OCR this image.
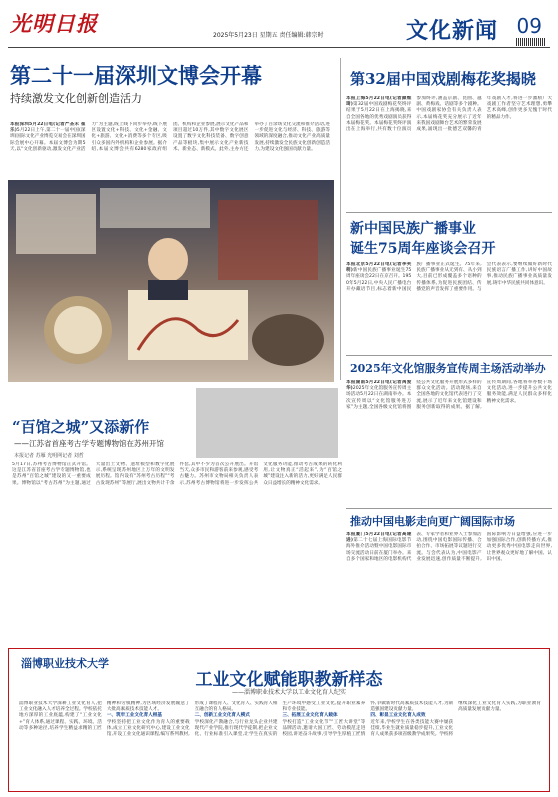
光明日报	2025年5月23日 星期五 责任编辑:韩宗时	文化新闻 09
第二十一届深圳文博会开幕
持续激发文化创新创造活力
本报深圳5月22日电(记者严圣禾 崔乐)5月22日上午,第二十一届中国(深圳)国际文化产业博览交易会在深圳国际会展中心开幕。本届文博会为期5天,以“文化创新驱动,激发文化产业活力”为主题,线上线下同步举办,线下展区设置文化+科技、文化+金融、文化+旅游、文化+消费等多个专区,吸引众多国内外机构和企业参展。据介绍,本届文博会共有6280家政府组团、机构和企业参展,展示文化产品和项目超过10万件,其中数字文化展区设置了数字文化科技装备、数字创意产品等板块,集中展示文化产业新技术、新业态、新模式。此外,主办方还举办了百余场文化交流和推介活动,进一步促进文化与经济、科技、旅游等领域的深度融合,推动文化产业高质量发展,持续激发全民族文化创新创造活力,为建设文化强国贡献力量。
第32届中国戏剧梅花奖揭晓
本报上海5月22日电(记者颜维琦)第32届中国戏剧梅花奖终评结果于5月22日在上海揭晓,来自全国各地的优秀戏剧演员获得本届梅花奖。本届梅花奖终评演出在上海举行,共有数十位演员参加终评,涵盖京剧、昆曲、越剧、黄梅戏、话剧等多个剧种。中国戏剧家协会有关负责人表示,本届梅花奖充分展示了近年来我国戏剧舞台艺术的繁荣发展成果,涌现出一批德艺双馨的青年戏剧人才,将进一步激励广大戏剧工作者坚守艺术理想,勇攀艺术高峰,创作更多无愧于时代的精品力作。
新中国民族广播事业
诞生75周年座谈会召开
本报北京5月22日电(记者李笑萌)新中国民族广播事业诞生75周年座谈会22日在京召开。1950年5月22日,中央人民广播电台开办藏语节目,标志着新中国民族广播事业正式诞生。75年来,民族广播事业从无到有、从小到大,目前已形成覆盖多个语种的传播体系,为促进民族团结、传播党的声音发挥了重要作用。与会代表表示,要继续做好新时代民族语言广播工作,讲好中国故事,推动民族广播事业高质量发展,铸牢中华民族共同体意识。
2025年文化馆服务宣传周主场活动举办
本报湖南5月22日电(记者禹爱华)2025年文化馆服务宣传周主场活动5月22日在湖南举办。本次宣传周以“文化馆服务进万家”为主题,全国各级文化馆将围绕公共文化服务开展形式多样的群众文化活动。活动现场,来自全国各地的文化馆代表进行了交流,展示了近年来文化馆建设和服务创新取得的成果。据了解,宣传周期间,各地将举办数千场文化活动,进一步提升公共文化服务效能,满足人民群众多样化精神文化需求。
“百馆之城”又添新作
——江苏省首座考古学专题博物馆在苏州开馆
本报记者 苏雁 光明网记者 刘哲
5月17日,苏州考古博物馆正式开馆。这是江苏省首座考古学专题博物馆,也是苏州“百馆之城”建设的又一重要成果。博物馆以“考古苏州”为主题,通过大量出土文物、遗址模型和数字化展示,系统呈现苏州地区上万年的文明发展历程。馆内设有“苏州考古历程”“考古发现苏州”等展厅,展出文物共计千余件套,其中不少为首次公开展出。开馆当天,众多市民和游客前来参观,感受考古魅力。苏州市文物局相关负责人表示,苏州考古博物馆将进一步发挥公共文化服务功能,推动考古成果的转化利用,让文物真正“活起来”,为“百馆之城”建设注入新的活力,更好满足人民群众日益增长的精神文化需求。
推动中国电影走向更广阔国际市场
本报厦门5月22日电(记者高建进)第二十七届上海国际电影节海外推介活动暨中国电影国际市场交流活动日前在厦门举办。来自多个国家和地区的电影机构代表、专家学者和业界人士参加活动,围绕中国电影国际传播、合拍合作、市场拓展等议题进行交流。与会代表认为,中国电影产业发展迅速,创作质量不断提升,国际影响力日益增强,应进一步加强国际合作,创新传播方式,推动更多优秀中国电影走向世界,让世界观众更好地了解中国、认识中国。
淄博职业技术大学
工业文化赋能职教新样态
——淄博职业技术大学以工业文化育人纪实
淄博职业技术大学深耕工业文化育人,把工业文化融入人才培养全过程。学校依托地方深厚的工业底蕴,构建了“工业文化+”育人体系,通过课程、实践、环境、活动等多种途径,培养学生精益求精的工匠精神和劳模精神,为区域经济发展输送了大批高素质技术技能人才。
一、筑牢工业文化育人根基
学校坚持把工业文化作为育人的重要载体,成立工业文化研究中心,建设工业文化馆,开设工业文化通识课程,编写系列教材,形成了课程育人、文化育人、实践育人相互融合的育人格局。
二、创新工业文化育人模式
学校深化产教融合,与行业龙头企业共建现代产业学院,推行现代学徒制,把企业文化、行业标准引入课堂,让学生在真实的生产环境中感受工业文化,提升职业素养和专业技能。
三、拓展工业文化育人载体
学校打造“工业文化节”“工匠大讲堂”等品牌活动,邀请大国工匠、劳动模范走进校园,讲述奋斗故事,引导学生厚植工匠情怀,争做新时代高素质技术技能人才,为制造强国建设贡献力量。
四、彰显工业文化育人成效
近年来,学校学生在各类技能大赛中屡获佳绩,毕业生就业质量稳步提升,工业文化育人成果获多项省级教学成果奖。学校将继续深化工业文化育人实践,为职业教育高质量发展贡献力量。
